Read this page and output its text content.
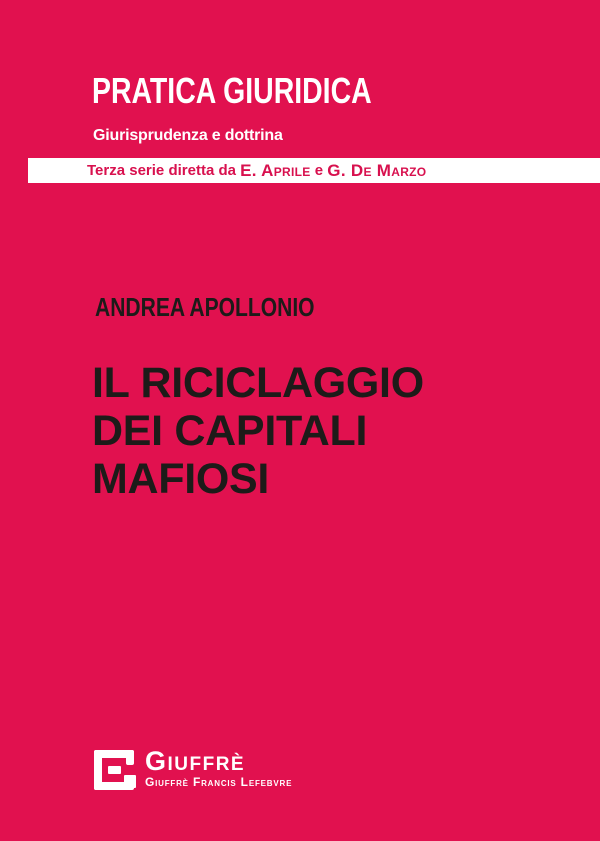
PRATICA GIURIDICA
Giurisprudenza e dottrina
Terza serie diretta da E. Aprile e G. De Marzo
ANDREA APOLLONIO
IL RICICLAGGIO
DEI CAPITALI
MAFIOSI
Giuffrè
Giuffrè Francis Lefebvre
